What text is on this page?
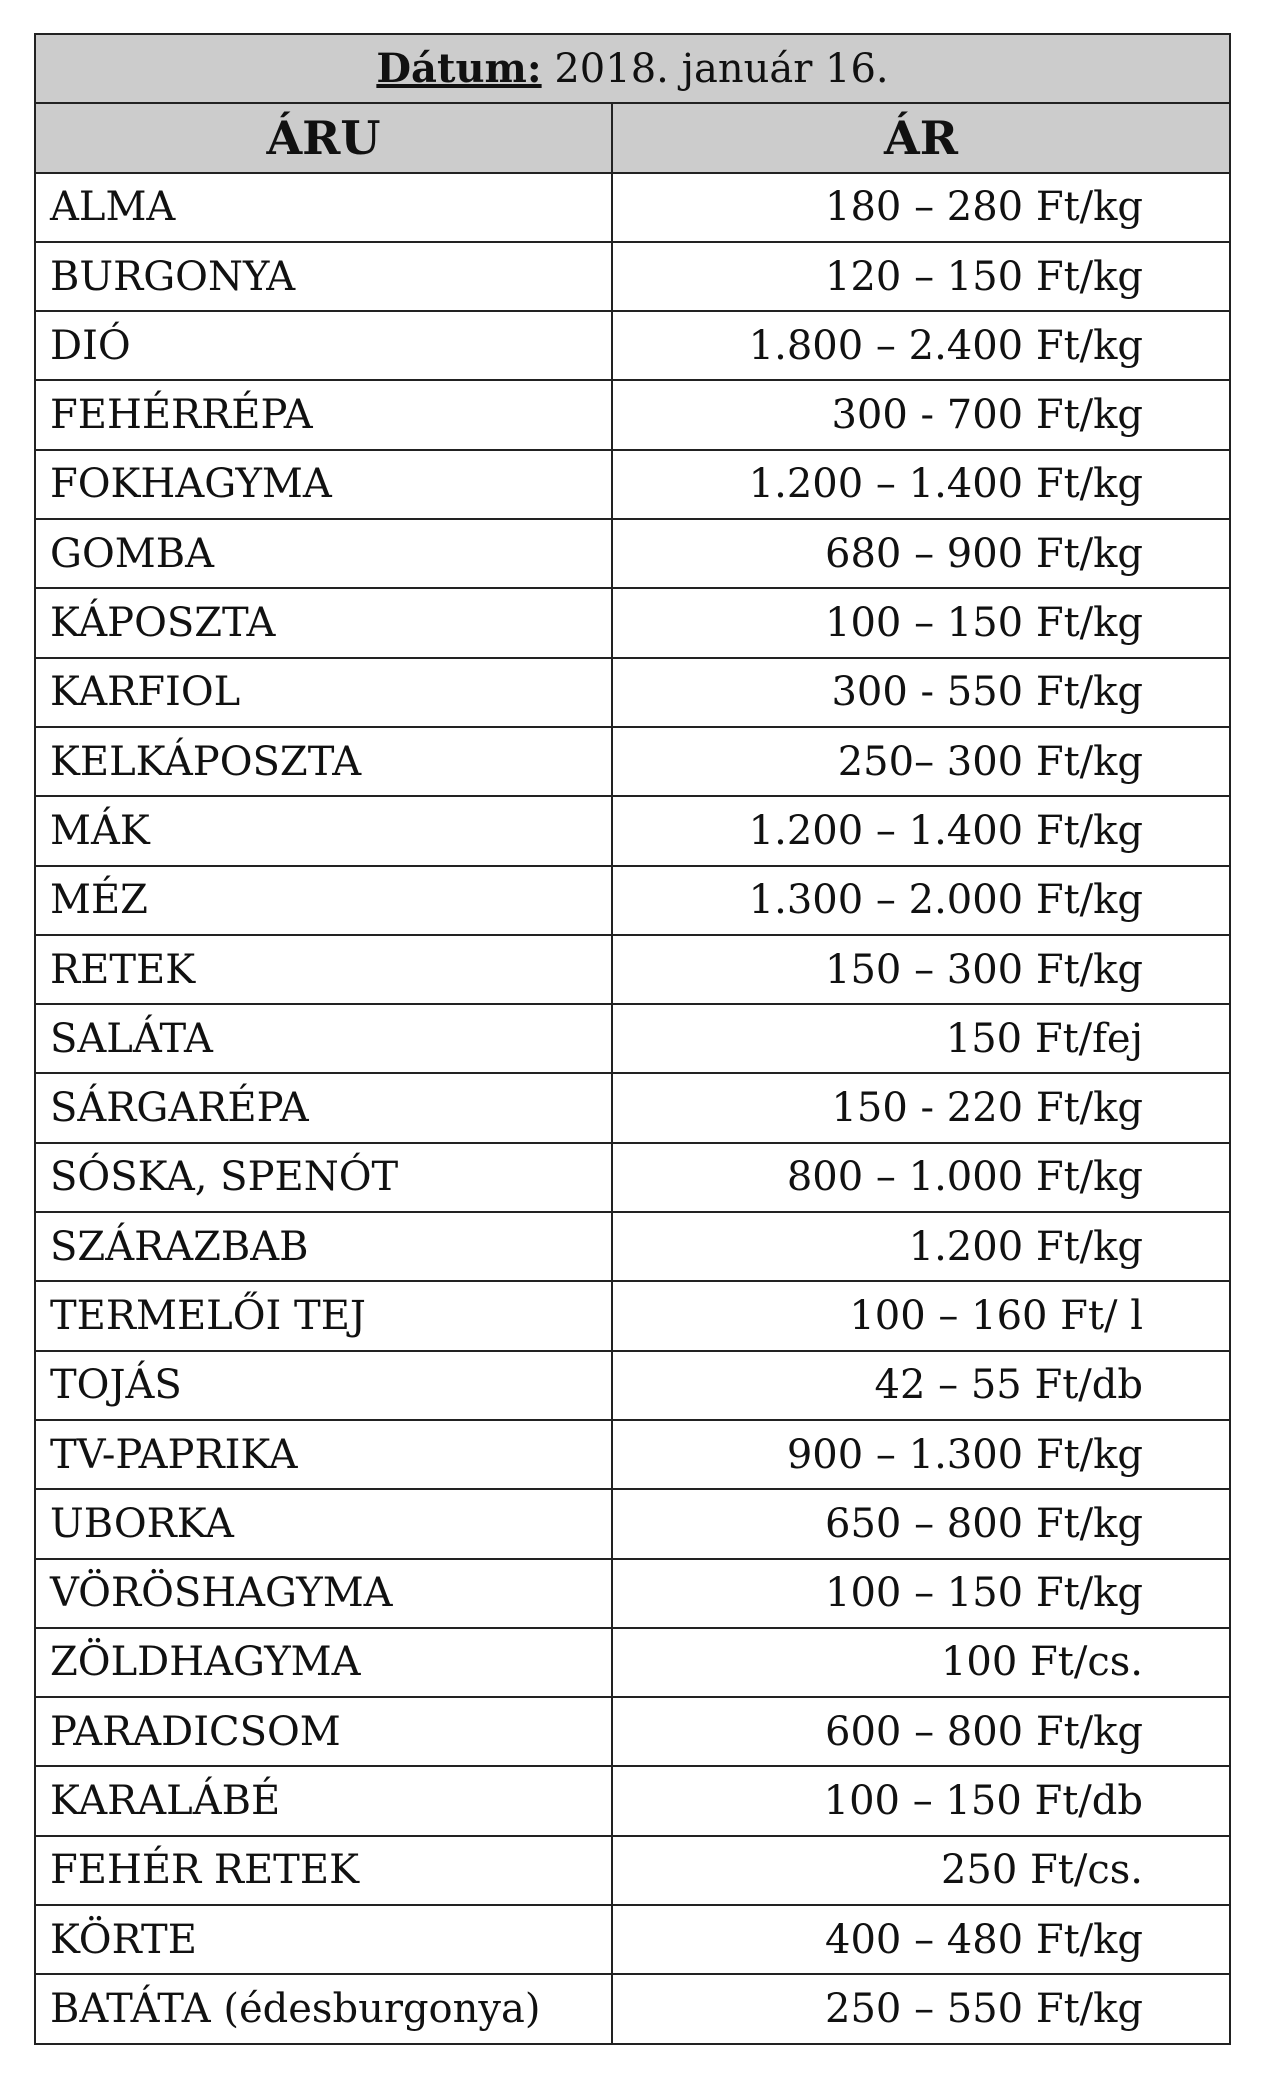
Dátum: 2018. január 16.	
ÁRU	ÁR
ALMA	180 – 280 Ft/kg
BURGONYA	120 – 150 Ft/kg
DIÓ	1.800 – 2.400 Ft/kg
FEHÉRRÉPA	300 - 700 Ft/kg
FOKHAGYMA	1.200 – 1.400 Ft/kg
GOMBA	680 – 900 Ft/kg
KÁPOSZTA	100 – 150 Ft/kg
KARFIOL	300 - 550 Ft/kg
KELKÁPOSZTA	250– 300 Ft/kg
MÁK	1.200 – 1.400 Ft/kg
MÉZ	1.300 – 2.000 Ft/kg
RETEK	150 – 300 Ft/kg
SALÁTA	150 Ft/fej
SÁRGARÉPA	150 - 220 Ft/kg
SÓSKA, SPENÓT	800 – 1.000 Ft/kg
SZÁRAZBAB	1.200 Ft/kg
TERMELŐI TEJ	100 – 160 Ft/ l
TOJÁS	42 – 55 Ft/db
TV-PAPRIKA	900 – 1.300 Ft/kg
UBORKA	650 – 800 Ft/kg
VÖRÖSHAGYMA	100 – 150 Ft/kg
ZÖLDHAGYMA	100 Ft/cs.
PARADICSOM	600 – 800 Ft/kg
KARALÁBÉ	100 – 150 Ft/db
FEHÉR RETEK	250 Ft/cs.
KÖRTE	400 – 480 Ft/kg
BATÁTA (édesburgonya)	250 – 550 Ft/kg
